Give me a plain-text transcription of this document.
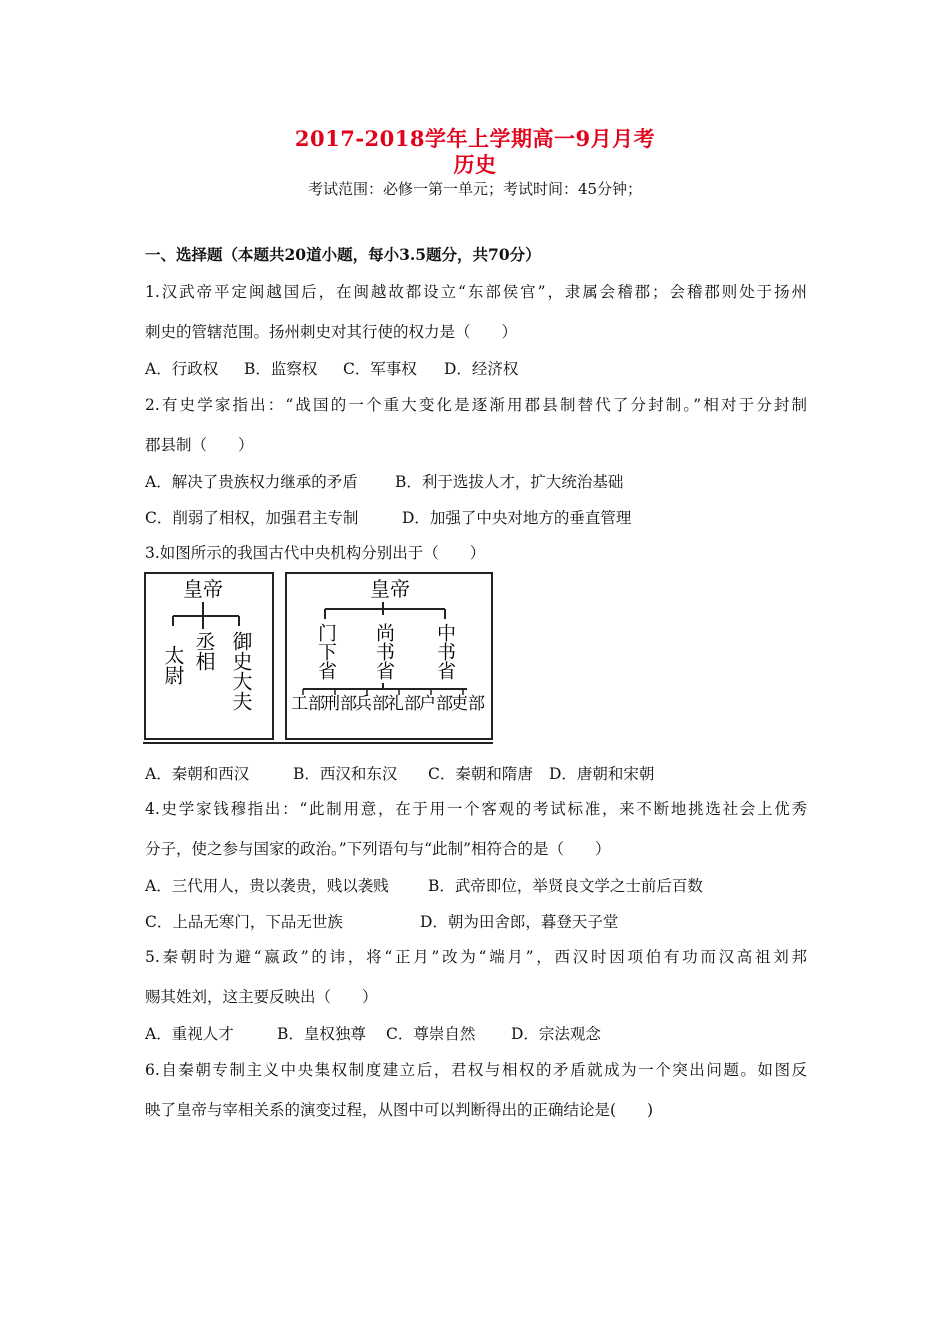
2017-2018学年上学期高一9月月考
历史
考试范围：必修一第一单元；考试时间：45分钟；
一、选择题（本题共20道小题，每小3.5题分，共70分）
1.汉武帝平定闽越国后，在闽越故都设立“东部侯官”，隶属会稽郡；会稽郡则处于扬州
刺史的管辖范围。扬州刺史对其行使的权力是（　　）
A．行政权 B．监察权 C．军事权 D．经济权
2.有史学家指出：“战国的一个重大变化是逐渐用郡县制替代了分封制。”相对于分封制
郡县制（　　）
A．解决了贵族权力继承的矛盾 B．利于选拔人才，扩大统治基础
C．削弱了相权，加强君主专制	D．加强了中央对地方的垂直管理
3.如图所示的我国古代中央机构分别出于（　　）
皇帝
太尉 丞相 御史大夫
皇帝
门下省 尚书省 中书省
工部
刑部
兵部
礼部
户部
吏部
A．秦朝和西汉	B．西汉和东汉 C．秦朝和隋唐 D．唐朝和宋朝
4.史学家钱穆指出：“此制用意，在于用一个客观的考试标准，来不断地挑选社会上优秀
分子，使之参与国家的政治。”下列语句与“此制”相符合的是（　　）
A．三代用人，贵以袭贵，贱以袭贱	B．武帝即位，举贤良文学之士前后百数
C．上品无寒门，下品无世族	D．朝为田舍郎，暮登天子堂
5.秦朝时为避“嬴政”的讳，将“正月”改为“端月”，西汉时因项伯有功而汉高祖刘邦
赐其姓刘，这主要反映出（　　）
A．重视人才	B．皇权独尊 C．尊崇自然 D．宗法观念
6.自秦朝专制主义中央集权制度建立后，君权与相权的矛盾就成为一个突出问题。如图反
映了皇帝与宰相关系的演变过程，从图中可以判断得出的正确结论是(　　)
